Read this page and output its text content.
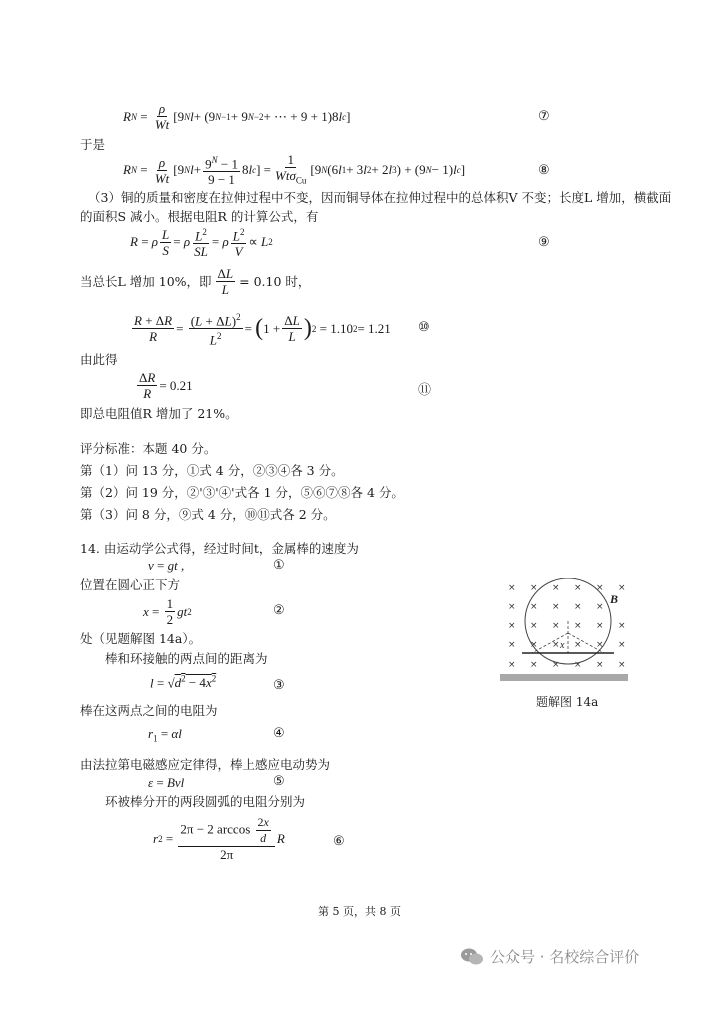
R $N = \frac{\rho}{Wt} [9$ N l + (9 N −1 + 9 N −2 + ⋯ + 9 + 1)8 l c ]	⑦
于是
R $N = \frac{\rho}{Wt} [9$ N $l + \frac{9^N - 1}{9 - 1} 8$ l c ] = $\frac{1}{Wt\sigma_{Cu}} [9$ N (6 l 1 + 3 l 2 + 2 l 3 ) + (9 N − 1) l c ]	⑧
（3）铜的质量和密度在拉伸过程中不变，因而铜导体在拉伸过程中的总体积V 不变；长度L 增加，横截面
的面积S 减小。根据电阻R 的计算公式，有
R = ρ $\frac{L}{S} = \rho \frac{L^2}{SL} = \rho \frac{L^2}{V} \propto L$ 2	⑨
当总长L 增加 10%，即 $\frac{\Delta L}{L} = 0.10$ 时，
$\frac{R + \Delta R}{R} = \frac{(L + \Delta L)^2}{L^2}$ = ( $1 + \frac{\Delta L}{L}$ ) 2 = 1.10 2 = 1.21 ⑩
由此得
$\frac{\Delta R}{R} = 0.21$	⑪
即总电阻值R 增加了 21%。
评分标准：本题 40 分。
第（1）问 13 分，①式 4 分，②③④各 3 分。
第（2）问 19 分，②'③'④'式各 1 分，⑤⑥⑦⑧各 4 分。
第（3）问 8 分，⑨式 4 分，⑩⑪式各 2 分。
14. 由运动学公式得，经过时间t，金属棒的速度为
v = gt ,	①
位置在圆心正下方
$x = \frac{1}{2}$ gt 2	②
处（见题解图 14a）。
棒和环接触的两点间的距离为
$l = √d^2 - 4x^2$	③
棒在这两点之间的电阻为
$r_1 = \alpha l$	④
由法拉第电磁感应定律得，棒上感应电动势为
ε = Bvl	⑤
环被棒分开的两段圆弧的电阻分别为
r $2 = \frac{2\pi - 2 \arccos \frac{2x}{d}}{2\pi}$ R	⑥
× × × × × ×
× × × × ×
× × × × × ×
× × × × × ×
× × × × × ×
B
x
题解图 14a
第 5 页，共 8 页
公众号 · 名校综合评价
